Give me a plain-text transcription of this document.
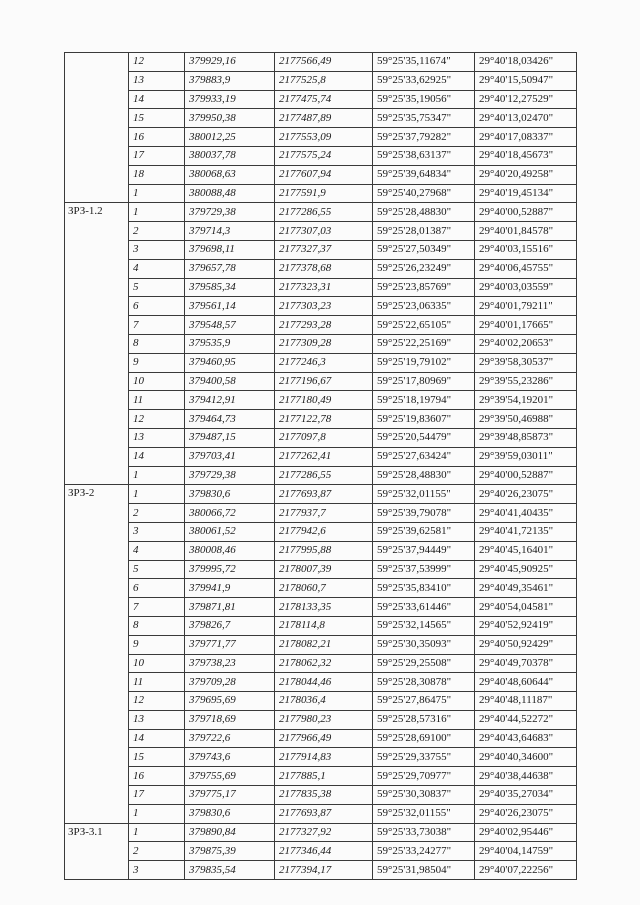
	12	379929,16	2177566,49	59°25'35,11674"	29°40'18,03426"
	13	379883,9	2177525,8	59°25'33,62925"	29°40'15,50947"
	14	379933,19	2177475,74	59°25'35,19056"	29°40'12,27529"
	15	379950,38	2177487,89	59°25'35,75347"	29°40'13,02470"
	16	380012,25	2177553,09	59°25'37,79282"	29°40'17,08337"
	17	380037,78	2177575,24	59°25'38,63137"	29°40'18,45673"
	18	380068,63	2177607,94	59°25'39,64834"	29°40'20,49258"
	1	380088,48	2177591,9	59°25'40,27968"	29°40'19,45134"
ЗРЗ-1.2	1	379729,38	2177286,55	59°25'28,48830"	29°40'00,52887"
	2	379714,3	2177307,03	59°25'28,01387"	29°40'01,84578"
	3	379698,11	2177327,37	59°25'27,50349"	29°40'03,15516"
	4	379657,78	2177378,68	59°25'26,23249"	29°40'06,45755"
	5	379585,34	2177323,31	59°25'23,85769"	29°40'03,03559"
	6	379561,14	2177303,23	59°25'23,06335"	29°40'01,79211"
	7	379548,57	2177293,28	59°25'22,65105"	29°40'01,17665"
	8	379535,9	2177309,28	59°25'22,25169"	29°40'02,20653"
	9	379460,95	2177246,3	59°25'19,79102"	29°39'58,30537"
	10	379400,58	2177196,67	59°25'17,80969"	29°39'55,23286"
	11	379412,91	2177180,49	59°25'18,19794"	29°39'54,19201"
	12	379464,73	2177122,78	59°25'19,83607"	29°39'50,46988"
	13	379487,15	2177097,8	59°25'20,54479"	29°39'48,85873"
	14	379703,41	2177262,41	59°25'27,63424"	29°39'59,03011"
	1	379729,38	2177286,55	59°25'28,48830"	29°40'00,52887"
ЗРЗ-2	1	379830,6	2177693,87	59°25'32,01155"	29°40'26,23075"
	2	380066,72	2177937,7	59°25'39,79078"	29°40'41,40435"
	3	380061,52	2177942,6	59°25'39,62581"	29°40'41,72135"
	4	380008,46	2177995,88	59°25'37,94449"	29°40'45,16401"
	5	379995,72	2178007,39	59°25'37,53999"	29°40'45,90925"
	6	379941,9	2178060,7	59°25'35,83410"	29°40'49,35461"
	7	379871,81	2178133,35	59°25'33,61446"	29°40'54,04581"
	8	379826,7	2178114,8	59°25'32,14565"	29°40'52,92419"
	9	379771,77	2178082,21	59°25'30,35093"	29°40'50,92429"
	10	379738,23	2178062,32	59°25'29,25508"	29°40'49,70378"
	11	379709,28	2178044,46	59°25'28,30878"	29°40'48,60644"
	12	379695,69	2178036,4	59°25'27,86475"	29°40'48,11187"
	13	379718,69	2177980,23	59°25'28,57316"	29°40'44,52272"
	14	379722,6	2177966,49	59°25'28,69100"	29°40'43,64683"
	15	379743,6	2177914,83	59°25'29,33755"	29°40'40,34600"
	16	379755,69	2177885,1	59°25'29,70977"	29°40'38,44638"
	17	379775,17	2177835,38	59°25'30,30837"	29°40'35,27034"
	1	379830,6	2177693,87	59°25'32,01155"	29°40'26,23075"
ЗРЗ-3.1	1	379890,84	2177327,92	59°25'33,73038"	29°40'02,95446"
	2	379875,39	2177346,44	59°25'33,24277"	29°40'04,14759"
	3	379835,54	2177394,17	59°25'31,98504"	29°40'07,22256"
